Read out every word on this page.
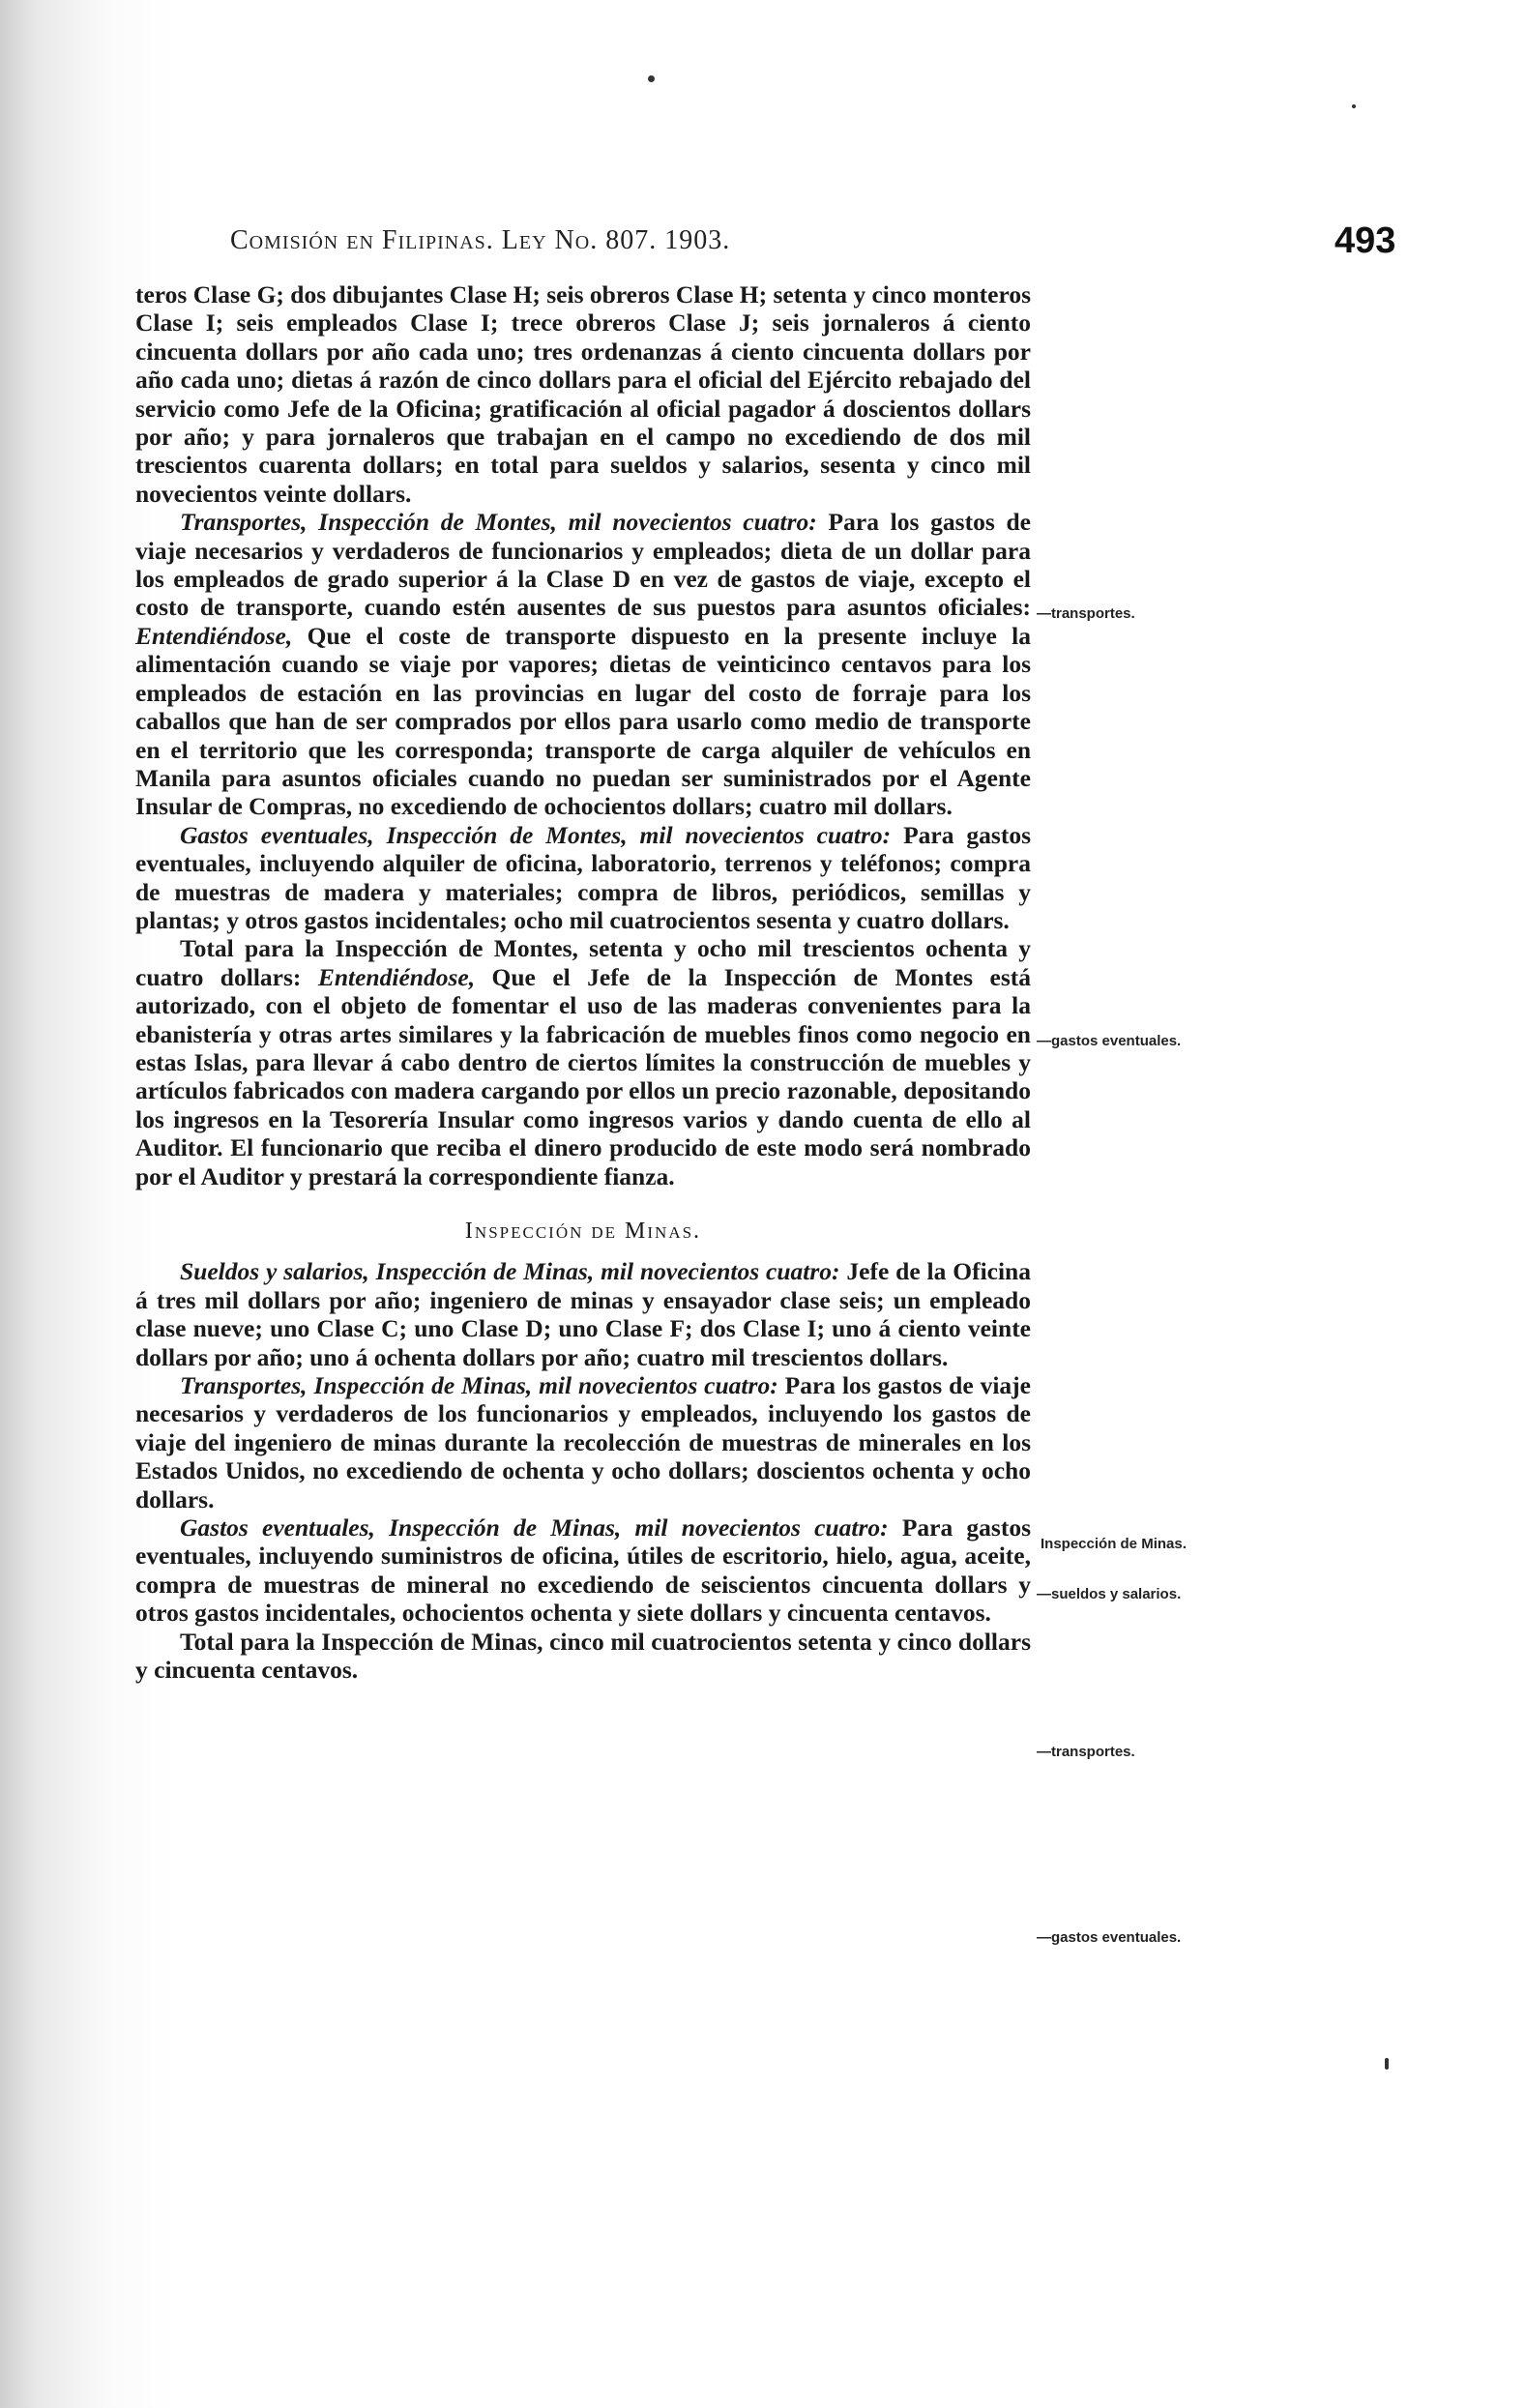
Comisión en Filipinas. Ley No. 807. 1903.	493

teros Clase G; dos dibujantes Clase H; seis obreros Clase H; setenta y cinco monteros Clase I; seis empleados Clase I; trece obreros Clase J; seis jornaleros á ciento cincuenta dollars por año cada uno; tres ordenanzas á ciento cincuenta dollars por año cada uno; dietas á razón de cinco dollars para el oficial del Ejército rebajado del servicio como Jefe de la Oficina; gratificación al oficial pagador á doscientos dollars por año; y para jornaleros que trabajan en el campo no excediendo de dos mil trescientos cuarenta dollars; en total para sueldos y salarios, sesenta y cinco mil novecientos veinte dollars.

Transportes, Inspección de Montes, mil novecientos cuatro: Para los gastos de viaje necesarios y verdaderos de funcionarios y empleados; dieta de un dollar para los empleados de grado superior á la Clase D en vez de gastos de viaje, excepto el costo de transporte, cuando estén ausentes de sus puestos para asuntos oficiales: Entendiéndose, Que el coste de transporte dispuesto en la presente incluye la alimentación cuando se viaje por vapores; dietas de veinticinco centavos para los empleados de estación en las provincias en lugar del costo de forraje para los caballos que han de ser comprados por ellos para usarlo como medio de transporte en el territorio que les corresponda; transporte de carga alquiler de vehículos en Manila para asuntos oficiales cuando no puedan ser suministrados por el Agente Insular de Compras, no excediendo de ochocientos dollars; cuatro mil dollars.

Gastos eventuales, Inspección de Montes, mil novecientos cuatro: Para gastos eventuales, incluyendo alquiler de oficina, laboratorio, terrenos y teléfonos; compra de muestras de madera y materiales; compra de libros, periódicos, semillas y plantas; y otros gastos incidentales; ocho mil cuatrocientos sesenta y cuatro dollars.

Total para la Inspección de Montes, setenta y ocho mil trescientos ochenta y cuatro dollars: Entendiéndose, Que el Jefe de la Inspección de Montes está autorizado, con el objeto de fomentar el uso de las maderas convenientes para la ebanistería y otras artes similares y la fabricación de muebles finos como negocio en estas Islas, para llevar á cabo dentro de ciertos límites la construcción de muebles y artículos fabricados con madera cargando por ellos un precio razonable, depositando los ingresos en la Tesorería Insular como ingresos varios y dando cuenta de ello al Auditor. El funcionario que reciba el dinero producido de este modo será nombrado por el Auditor y prestará la correspondiente fianza.

Inspección de Minas.

Sueldos y salarios, Inspección de Minas, mil novecientos cuatro: Jefe de la Oficina á tres mil dollars por año; ingeniero de minas y ensayador clase seis; un empleado clase nueve; uno Clase C; uno Clase D; uno Clase F; dos Clase I; uno á ciento veinte dollars por año; uno á ochenta dollars por año; cuatro mil trescientos dollars.

Transportes, Inspección de Minas, mil novecientos cuatro: Para los gastos de viaje necesarios y verdaderos de los funcionarios y empleados, incluyendo los gastos de viaje del ingeniero de minas durante la recolección de muestras de minerales en los Estados Unidos, no excediendo de ochenta y ocho dollars; doscientos ochenta y ocho dollars.

Gastos eventuales, Inspección de Minas, mil novecientos cuatro: Para gastos eventuales, incluyendo suministros de oficina, útiles de escritorio, hielo, agua, aceite, compra de muestras de mineral no excediendo de seiscientos cincuenta dollars y otros gastos incidentales, ochocientos ochenta y siete dollars y cincuenta centavos.

Total para la Inspección de Minas, cinco mil cuatrocientos setenta y cinco dollars y cincuenta centavos.

—transportes.
—gastos eventuales.
Inspección de Minas.
—sueldos y salarios.
—transportes.
—gastos eventuales.
